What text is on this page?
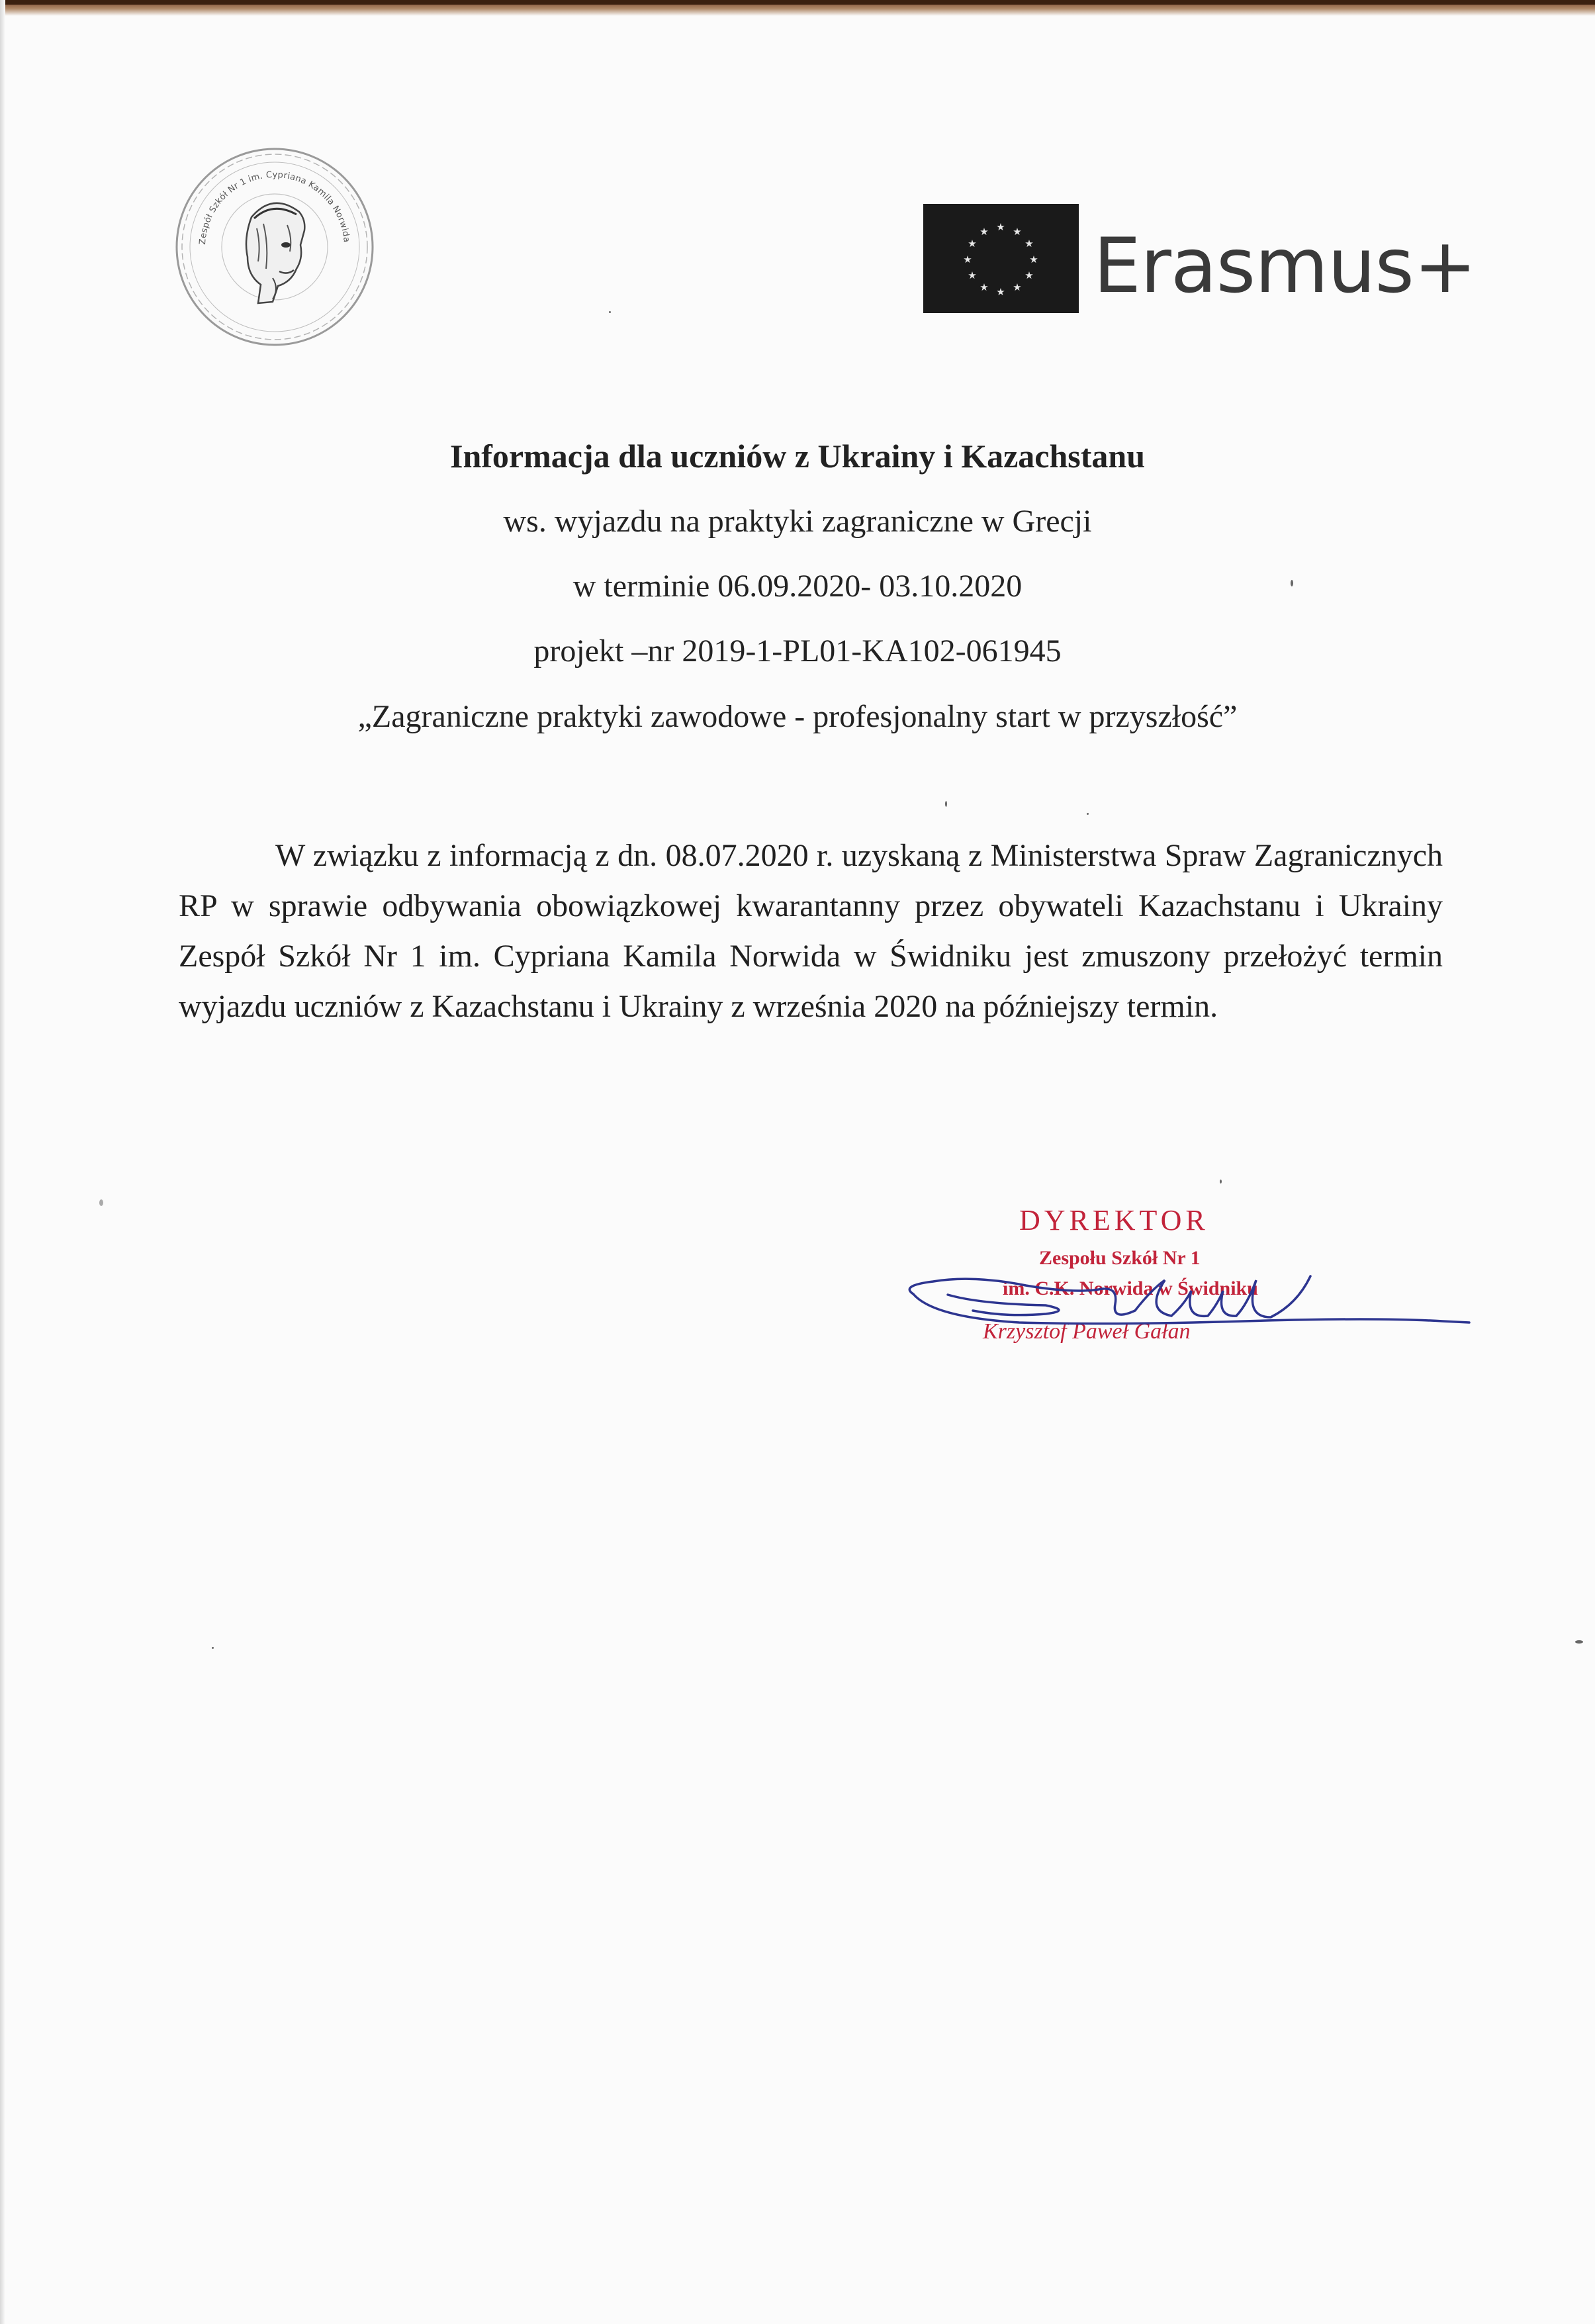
Zespół Szkół Nr 1 im. Cypriana Kamila Norwida
★ ★
★
★
★
★
★
★
★
★
★
★ Erasmus+
Informacja dla uczniów z Ukrainy i Kazachstanu
ws. wyjazdu na praktyki zagraniczne w Grecji
w terminie 06.09.2020- 03.10.2020
projekt –nr 2019-1-PL01-KA102-061945
„Zagraniczne praktyki zawodowe - profesjonalny start w przyszłość”

W związku z informacją z dn. 08.07.2020 r. uzyskaną z Ministerstwa Spraw Zagranicznych RP w sprawie odbywania obowiązkowej kwarantanny przez obywateli Kazachstanu i Ukrainy Zespół Szkół Nr 1 im. Cypriana Kamila Norwida w Świdniku jest zmuszony przełożyć termin wyjazdu uczniów z Kazachstanu i Ukrainy z września 2020 na późniejszy termin.

DYREKTOR
Zespołu Szkół Nr 1
im. C.K. Norwida w Świdniku
Krzysztof Paweł Gałan
